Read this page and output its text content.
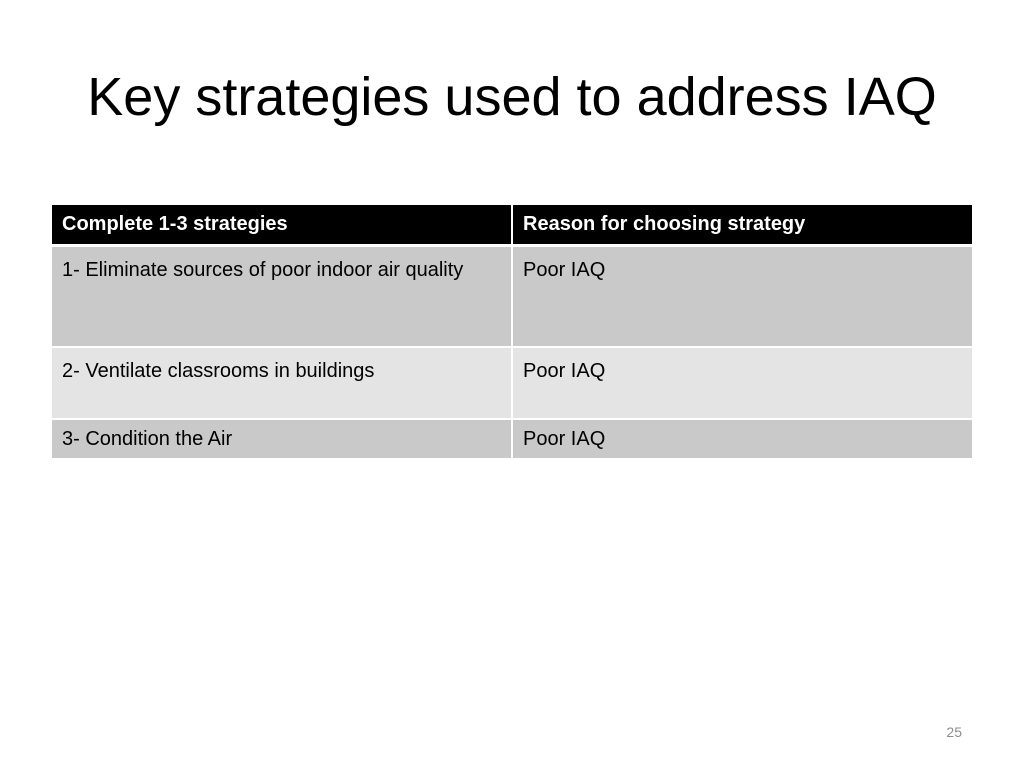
Key strategies used to address IAQ
Complete 1-3 strategies	Reason for choosing strategy
1- Eliminate sources of poor indoor air quality	Poor IAQ
2- Ventilate classrooms in buildings	Poor IAQ
3- Condition the Air	Poor IAQ
25
